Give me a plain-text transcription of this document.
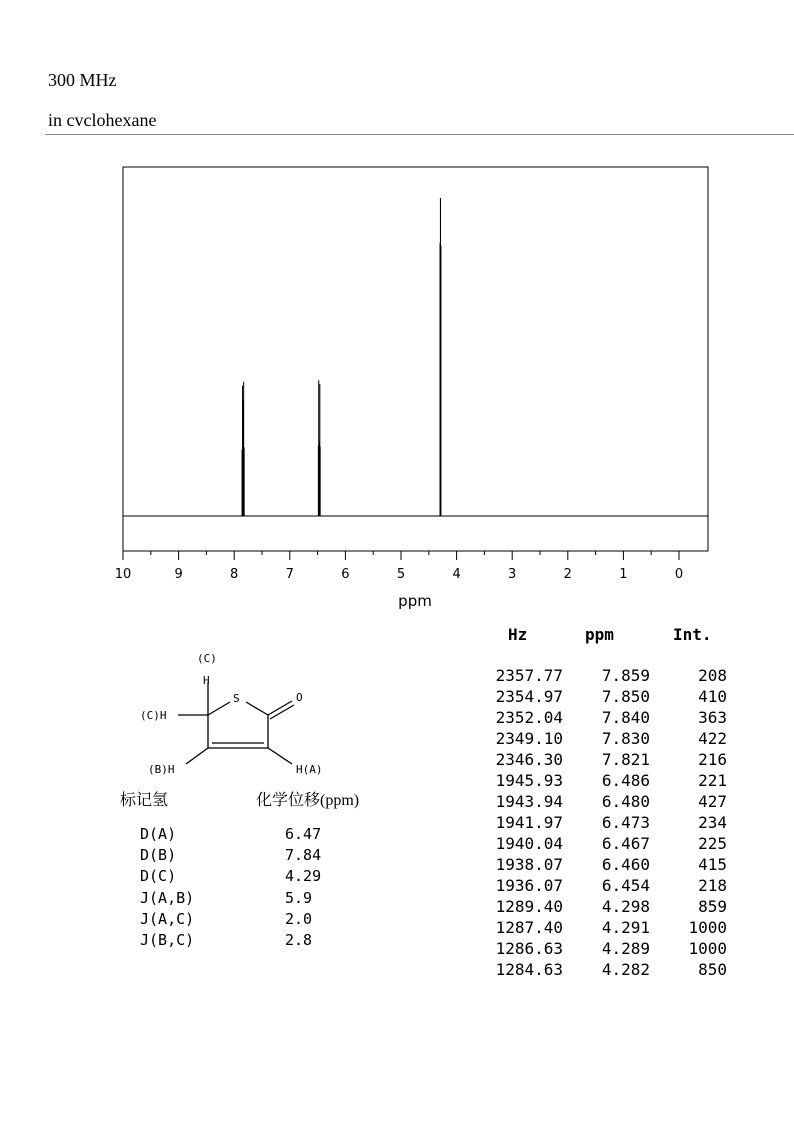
300 MHz
in cvclohexane
10	9	8	7	6	5	4	3	2	1	0
ppm
(C)
H
S	O
(C)H
(B)H	H(A)
标记氢	化学位移(ppm)
D(A)	6.47
D(B)	7.84
D(C)	4.29
J(A,B)	5.9
J(A,C)	2.0
J(B,C)	2.8
Hz	ppm	Int.
2357.77	7.859	208
2354.97	7.850	410
2352.04	7.840	363
2349.10	7.830	422
2346.30	7.821	216
1945.93	6.486	221
1943.94	6.480	427
1941.97	6.473	234
1940.04	6.467	225
1938.07	6.460	415
1936.07	6.454	218
1289.40	4.298	859
1287.40	4.291	1000
1286.63	4.289	1000
1284.63	4.282	850
